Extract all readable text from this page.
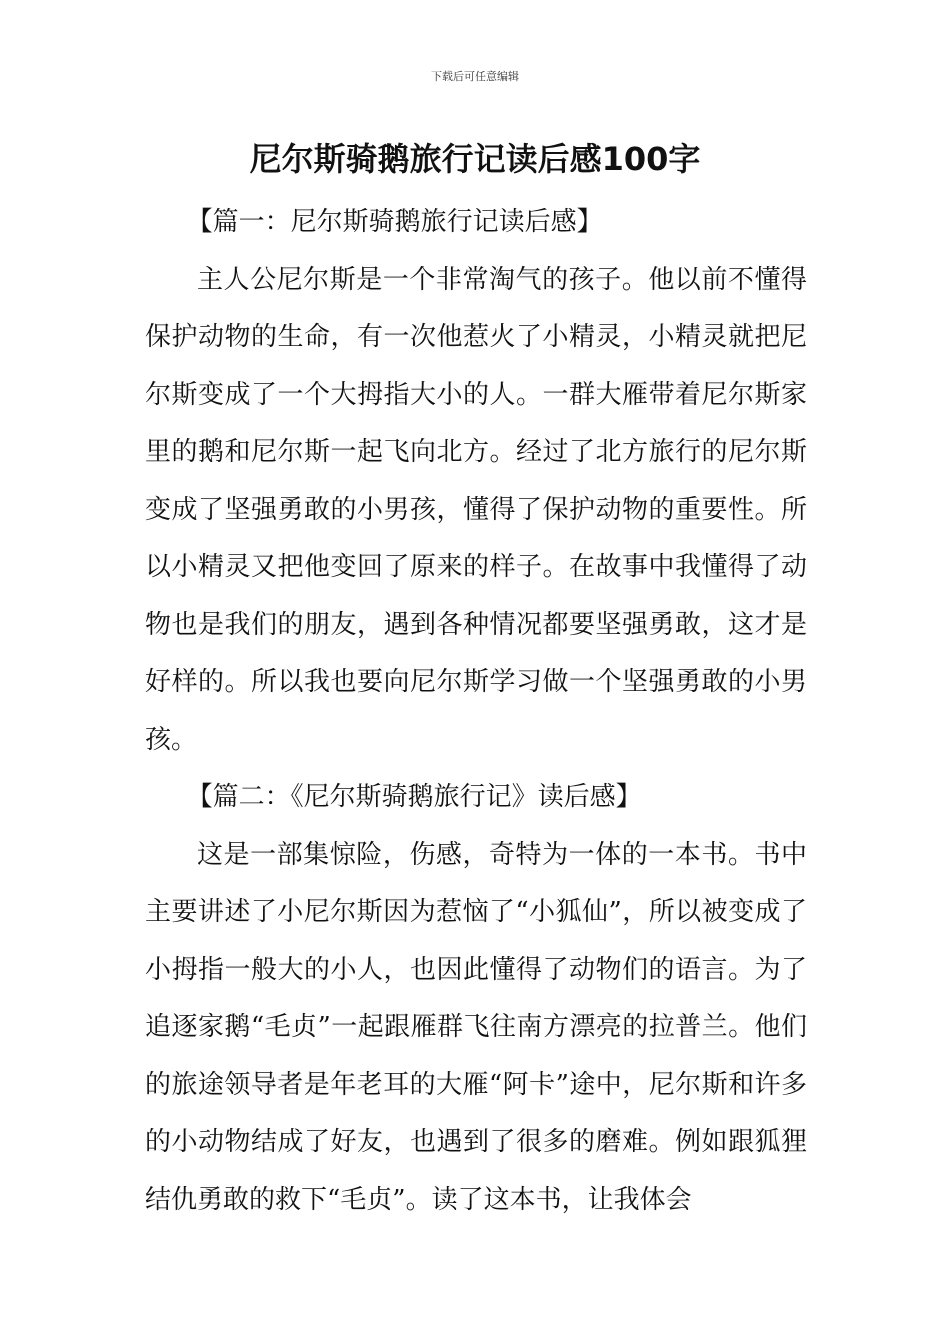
下载后可任意编辑
尼尔斯骑鹅旅行记读后感100字

【篇一：尼尔斯骑鹅旅行记读后感】

主人公尼尔斯是一个非常淘气的孩子。他以前不懂得保护动物的生命，有一次他惹火了小精灵，小精灵就把尼尔斯变成了一个大拇指大小的人。一群大雁带着尼尔斯家里的鹅和尼尔斯一起飞向北方。经过了北方旅行的尼尔斯变成了坚强勇敢的小男孩，懂得了保护动物的重要性。所以小精灵又把他变回了原来的样子。在故事中我懂得了动物也是我们的朋友，遇到各种情况都要坚强勇敢，这才是好样的。所以我也要向尼尔斯学习做一个坚强勇敢的小男孩。

【篇二：《尼尔斯骑鹅旅行记》读后感】

这是一部集惊险，伤感，奇特为一体的一本书。书中主要讲述了小尼尔斯因为惹恼了“小狐仙”，所以被变成了小拇指一般大的小人，也因此懂得了动物们的语言。为了追逐家鹅“毛贞”一起跟雁群飞往南方漂亮的拉普兰。他们的旅途领导者是年老耳的大雁“阿卡”途中，尼尔斯和许多的小动物结成了好友，也遇到了很多的磨难。例如跟狐狸结仇勇敢的救下“毛贞”。读了这本书，让我体会
